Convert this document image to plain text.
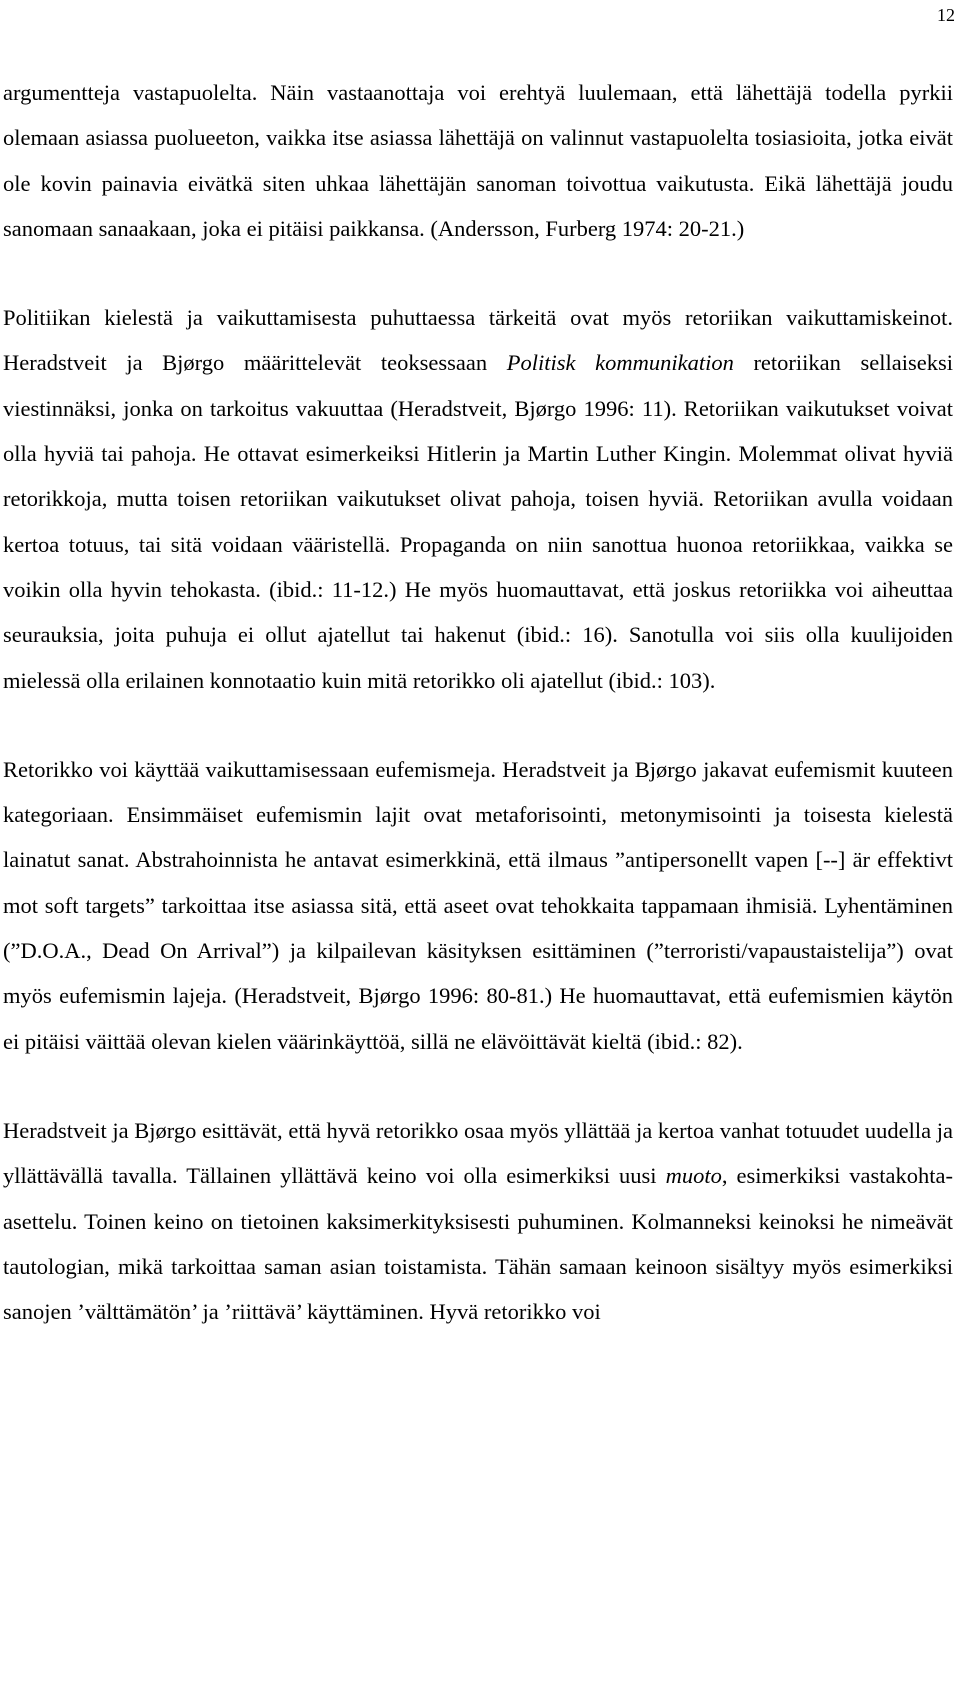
12

argumentteja vastapuolelta. Näin vastaanottaja voi erehtyä luulemaan, että lähettäjä todella pyrkii olemaan asiassa puolueeton, vaikka itse asiassa lähettäjä on valinnut vastapuolelta tosiasioita, jotka eivät ole kovin painavia eivätkä siten uhkaa lähettäjän sanoman toivottua vaikutusta. Eikä lähettäjä joudu sanomaan sanaakaan, joka ei pitäisi paikkansa. (Andersson, Furberg 1974: 20-21.)

Politiikan kielestä ja vaikuttamisesta puhuttaessa tärkeitä ovat myös retoriikan vaikuttamiskeinot. Heradstveit ja Bjørgo määrittelevät teoksessaan Politisk kommunikation retoriikan sellaiseksi viestinnäksi, jonka on tarkoitus vakuuttaa (Heradstveit, Bjørgo 1996: 11). Retoriikan vaikutukset voivat olla hyviä tai pahoja. He ottavat esimerkeiksi Hitlerin ja Martin Luther Kingin. Molemmat olivat hyviä retorikkoja, mutta toisen retoriikan vaikutukset olivat pahoja, toisen hyviä. Retoriikan avulla voidaan kertoa totuus, tai sitä voidaan vääristellä. Propaganda on niin sanottua huonoa retoriikkaa, vaikka se voikin olla hyvin tehokasta. (ibid.: 11-12.) He myös huomauttavat, että joskus retoriikka voi aiheuttaa seurauksia, joita puhuja ei ollut ajatellut tai hakenut (ibid.: 16). Sanotulla voi siis olla kuulijoiden mielessä olla erilainen konnotaatio kuin mitä retorikko oli ajatellut (ibid.: 103).

Retorikko voi käyttää vaikuttamisessaan eufemismeja. Heradstveit ja Bjørgo jakavat eufemismit kuuteen kategoriaan. Ensimmäiset eufemismin lajit ovat metaforisointi, metonymisointi ja toisesta kielestä lainatut sanat. Abstrahoinnista he antavat esimerkkinä, että ilmaus ”antipersonellt vapen [--] är effektivt mot soft targets” tarkoittaa itse asiassa sitä, että aseet ovat tehokkaita tappamaan ihmisiä. Lyhentäminen (”D.O.A., Dead On Arrival”) ja kilpailevan käsityksen esittäminen (”terroristi/vapaustaistelija”) ovat myös eufemismin lajeja. (Heradstveit, Bjørgo 1996: 80-81.) He huomauttavat, että eufemismien käytön ei pitäisi väittää olevan kielen väärinkäyttöä, sillä ne elävöittävät kieltä (ibid.: 82).

Heradstveit ja Bjørgo esittävät, että hyvä retorikko osaa myös yllättää ja kertoa vanhat totuudet uudella ja yllättävällä tavalla. Tällainen yllättävä keino voi olla esimerkiksi uusi muoto, esimerkiksi vastakohta-asettelu. Toinen keino on tietoinen kaksimerkityksisesti puhuminen. Kolmanneksi keinoksi he nimeävät tautologian, mikä tarkoittaa saman asian toistamista. Tähän samaan keinoon sisältyy myös esimerkiksi sanojen ’välttämätön’ ja ’riittävä’ käyttäminen. Hyvä retorikko voi
